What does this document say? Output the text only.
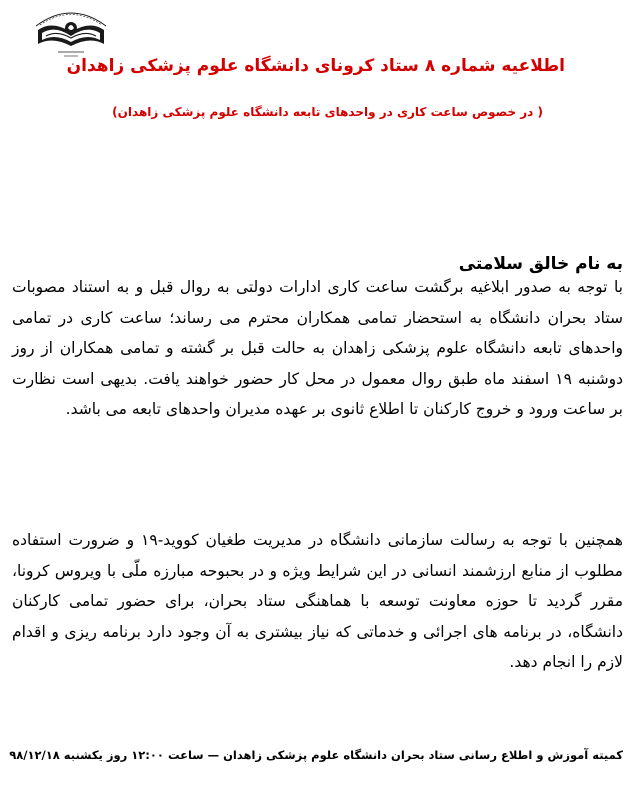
اطلاعیه شماره ۸ ستاد کرونای دانشگاه علوم پزشکی زاهدان
( در خصوص ساعت کاری در واحدهای تابعه دانشگاه علوم پزشکی زاهدان)
به نام خالق سلامتی

با توجه به صدور ابلاغیه برگشت ساعت کاری ادارات دولتی به روال قبل و به استناد مصوبات ستاد بحران دانشگاه به استحضار تمامی همکاران محترم می رساند؛ ساعت کاری در تمامی واحدهای تابعه دانشگاه علوم پزشکی زاهدان به حالت قبل بر گشته و تمامی همکاران از روز دوشنبه ۱۹ اسفند ماه طبق روال معمول در محل کار حضور خواهند یافت. بدیهی است نظارت بر ساعت ورود و خروج کارکنان تا اطلاع ثانوی بر عهده مدیران واحدهای تابعه می باشد.

همچنین با توجه به رسالت سازمانی دانشگاه در مدیریت طغیان کووید-۱۹ و ضرورت استفاده مطلوب از منابع ارزشمند انسانی در این شرایط ویژه و در بحبوحه مبارزه ملّی با ویروس کرونا، مقرر گردید تا حوزه معاونت توسعه با هماهنگی ستاد بحران، برای حضور تمامی کارکنان دانشگاه، در برنامه های اجرائی و خدماتی که نیاز بیشتری به آن وجود دارد برنامه ریزی و اقدام لازم را انجام دهد.

کمیته آموزش و اطلاع رسانی ستاد بحران دانشگاه علوم پزشکی زاهدان — ساعت ۱۲:۰۰ روز یکشنبه ۹۸/۱۲/۱۸
